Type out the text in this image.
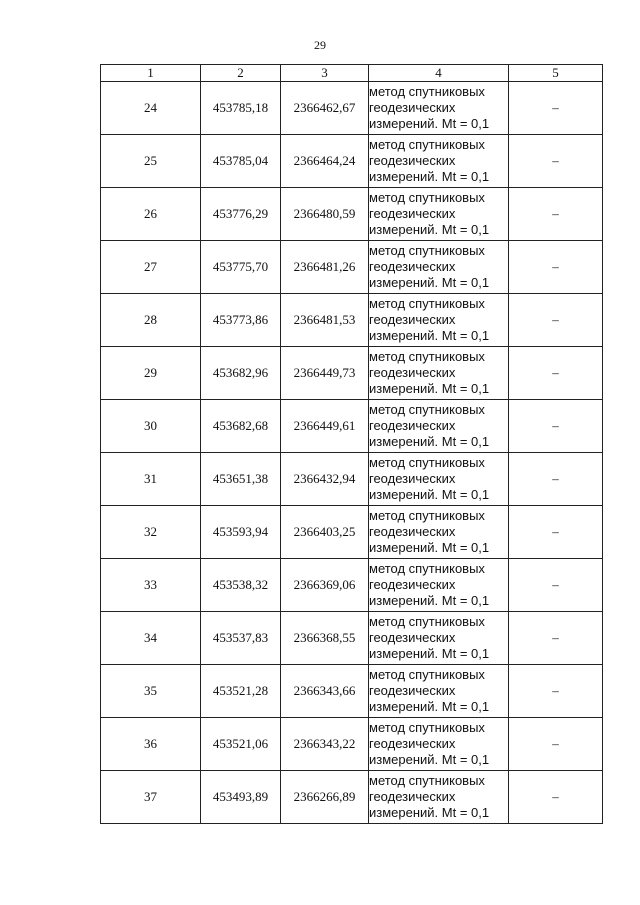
29
1	2	3	4	5
24	453785,18	2366462,67	метод спутниковых геодезических измерений. Mt = 0,1	–
25	453785,04	2366464,24	метод спутниковых геодезических измерений. Mt = 0,1	–
26	453776,29	2366480,59	метод спутниковых геодезических измерений. Mt = 0,1	–
27	453775,70	2366481,26	метод спутниковых геодезических измерений. Mt = 0,1	–
28	453773,86	2366481,53	метод спутниковых геодезических измерений. Mt = 0,1	–
29	453682,96	2366449,73	метод спутниковых геодезических измерений. Mt = 0,1	–
30	453682,68	2366449,61	метод спутниковых геодезических измерений. Mt = 0,1	–
31	453651,38	2366432,94	метод спутниковых геодезических измерений. Mt = 0,1	–
32	453593,94	2366403,25	метод спутниковых геодезических измерений. Mt = 0,1	–
33	453538,32	2366369,06	метод спутниковых геодезических измерений. Mt = 0,1	–
34	453537,83	2366368,55	метод спутниковых геодезических измерений. Mt = 0,1	–
35	453521,28	2366343,66	метод спутниковых геодезических измерений. Mt = 0,1	–
36	453521,06	2366343,22	метод спутниковых геодезических измерений. Mt = 0,1	–
37	453493,89	2366266,89	метод спутниковых геодезических измерений. Mt = 0,1	–
